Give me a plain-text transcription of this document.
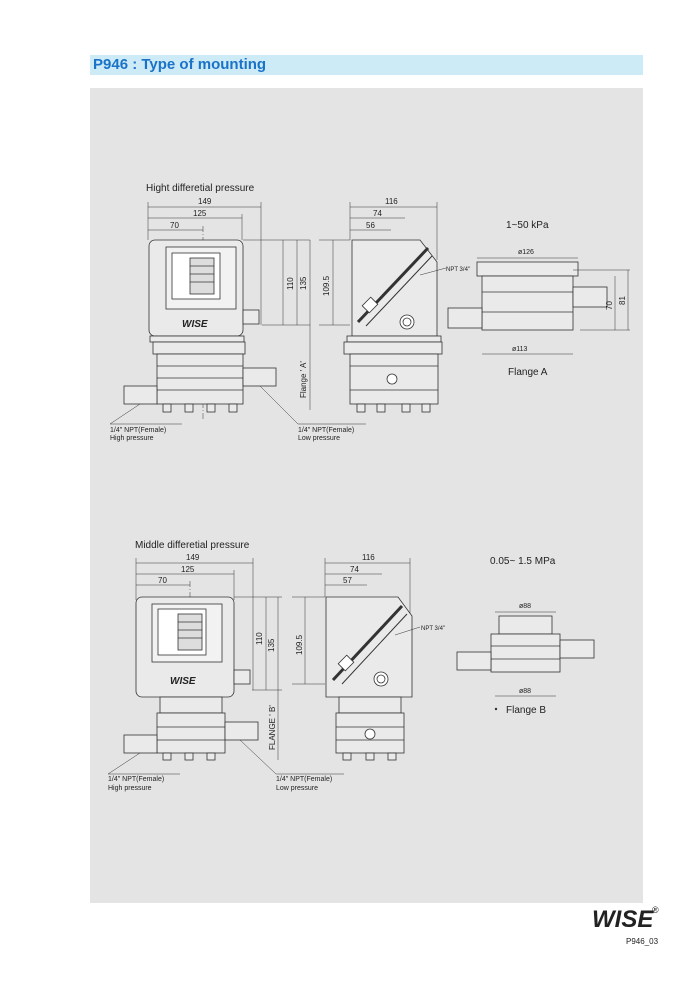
P946 : Type of mounting
Hight differetial pressure
149
125
70
WISE
110 135
Flange ' A'
116
74
56
109.5
NPT 3/4"
1/4" NPT(Female)
High pressure
1/4" NPT(Female)
Low pressure
1~50 kPa
ø126
ø113
70
81
Flange A
Middle differetial pressure
149
125
70
WISE
110
135
FLANGE ' B'
116
74
57
109.5
NPT 3/4"
1/4" NPT(Female)
High pressure
1/4" NPT(Female)
Low pressure
0.05~ 1.5 MPa
ø88
ø88
Flange B
WISE
®
P946_03
